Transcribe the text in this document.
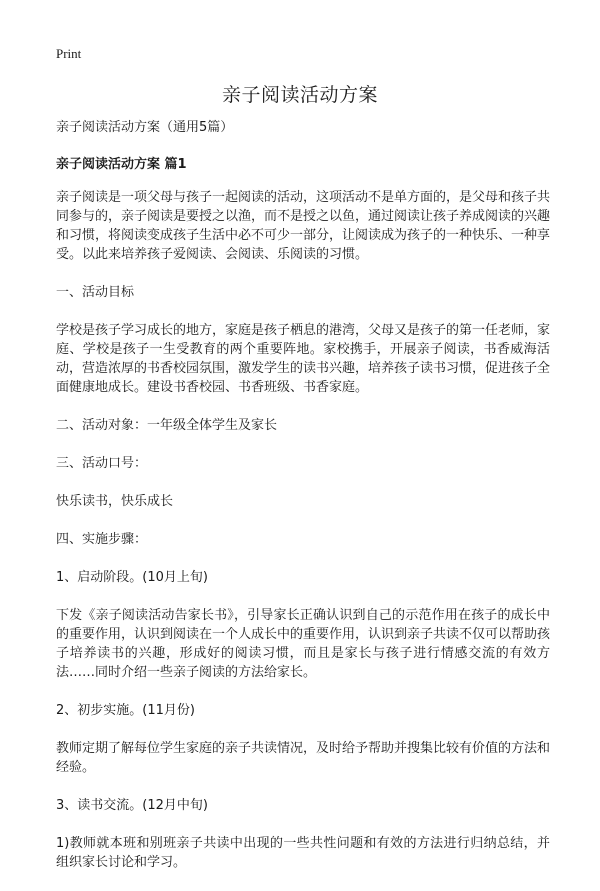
Print
亲子阅读活动方案

亲子阅读活动方案（通用5篇）

亲子阅读活动方案 篇1

亲子阅读是一项父母与孩子一起阅读的活动，这项活动不是单方面的，是父母和孩子共同参与的，亲子阅读是要授之以渔，而不是授之以鱼，通过阅读让孩子养成阅读的兴趣和习惯，将阅读变成孩子生活中必不可少一部分，让阅读成为孩子的一种快乐、一种享受。以此来培养孩子爱阅读、会阅读、乐阅读的习惯。

一、活动目标

学校是孩子学习成长的地方，家庭是孩子栖息的港湾，父母又是孩子的第一任老师，家庭、学校是孩子一生受教育的两个重要阵地。家校携手，开展亲子阅读，书香威海活动，营造浓厚的书香校园氛围，激发学生的读书兴趣，培养孩子读书习惯，促进孩子全面健康地成长。建设书香校园、书香班级、书香家庭。

二、活动对象：一年级全体学生及家长

三、活动口号：

快乐读书，快乐成长

四、实施步骤：

1、启动阶段。(10月上旬)

下发《亲子阅读活动告家长书》，引导家长正确认识到自己的示范作用在孩子的成长中的重要作用，认识到阅读在一个人成长中的重要作用，认识到亲子共读不仅可以帮助孩子培养读书的兴趣，形成好的阅读习惯，而且是家长与孩子进行情感交流的有效方法……同时介绍一些亲子阅读的方法给家长。

2、初步实施。(11月份)

教师定期了解每位学生家庭的亲子共读情况，及时给予帮助并搜集比较有价值的方法和经验。

3、读书交流。(12月中旬)

1)教师就本班和别班亲子共读中出现的一些共性问题和有效的方法进行归纳总结，并组织家长讨论和学习。
